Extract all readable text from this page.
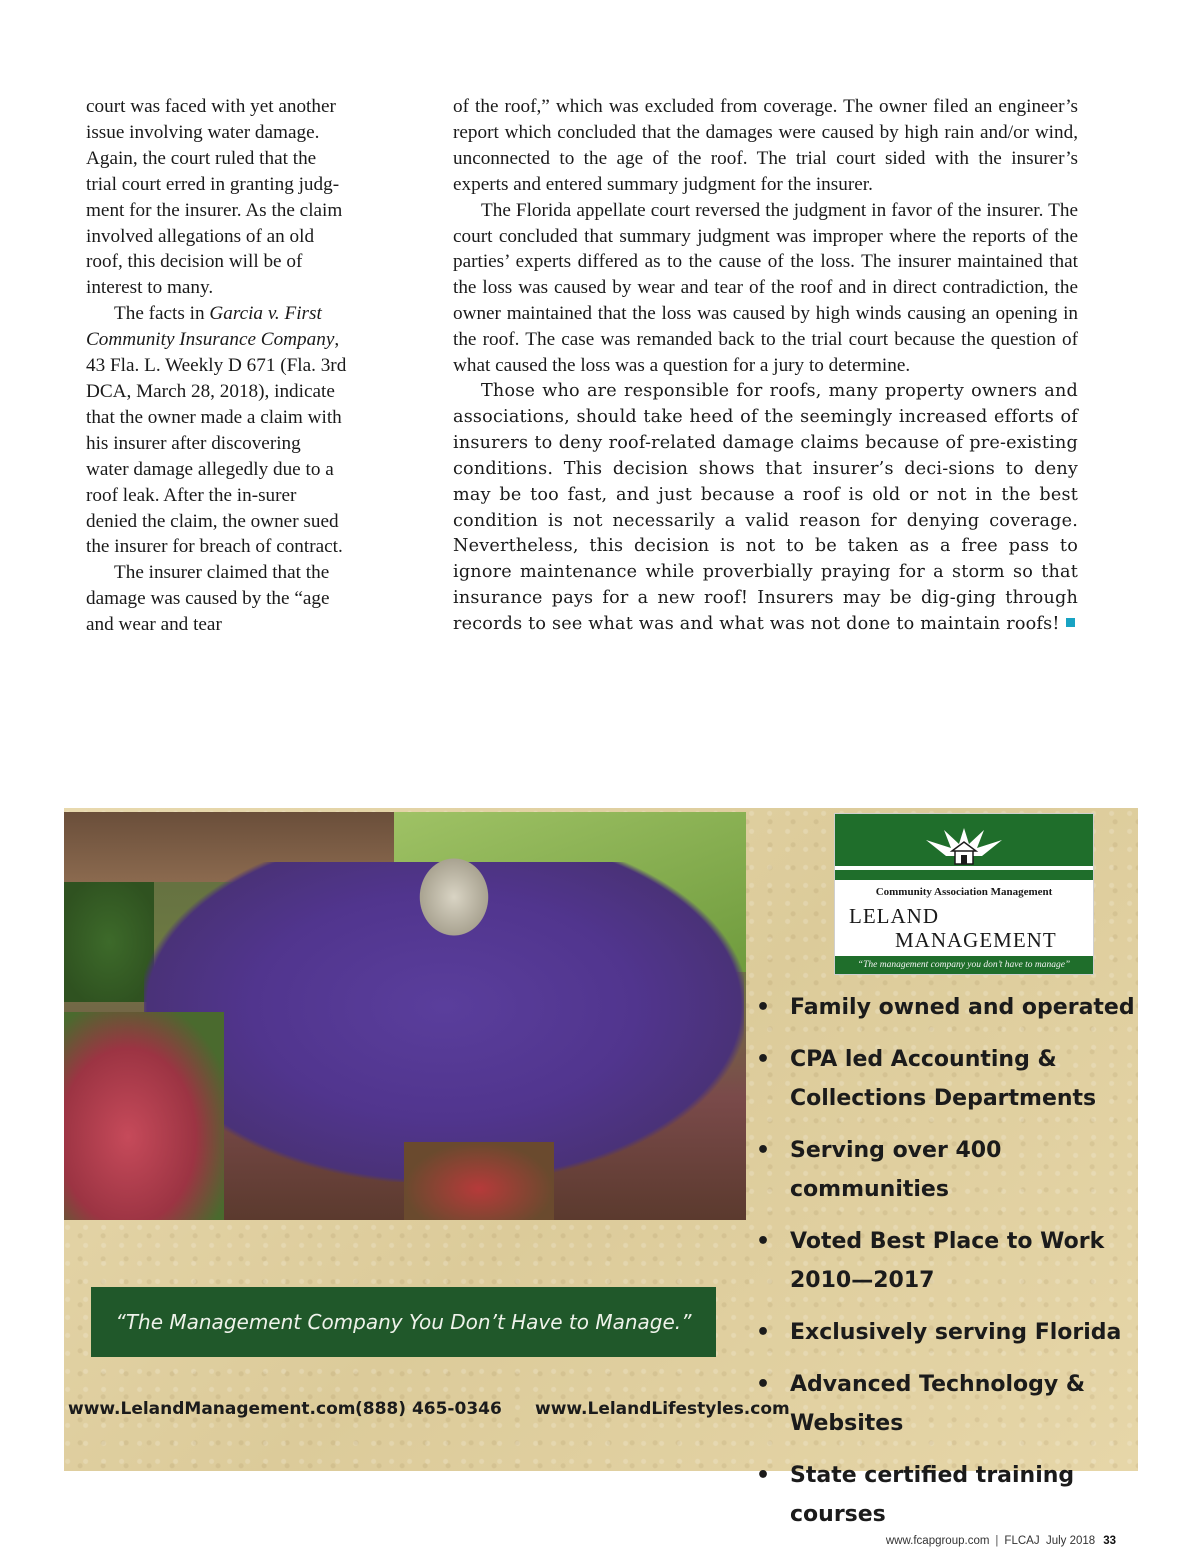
court was faced with yet another issue involving water damage. Again, the court ruled that the trial court erred in granting judg-ment for the insurer. As the claim involved allegations of an old roof, this decision will be of interest to many.

The facts in Garcia v. First Community Insurance Company, 43 Fla. L. Weekly D 671 (Fla. 3rd DCA, March 28, 2018), indicate that the owner made a claim with his insurer after discovering water damage allegedly due to a roof leak. After the in-surer denied the claim, the owner sued the insurer for breach of contract.

The insurer claimed that the damage was caused by the “age and wear and tear

of the roof,” which was excluded from coverage. The owner filed an engineer’s report which concluded that the damages were caused by high rain and/or wind, unconnected to the age of the roof. The trial court sided with the insurer’s experts and entered summary judgment for the insurer.

The Florida appellate court reversed the judgment in favor of the insurer. The court concluded that summary judgment was improper where the reports of the parties’ experts differed as to the cause of the loss. The insurer maintained that the loss was caused by wear and tear of the roof and in direct contradiction, the owner maintained that the loss was caused by high winds causing an opening in the roof. The case was remanded back to the trial court because the question of what caused the loss was a question for a jury to determine.

Those who are responsible for roofs, many property owners and associations, should take heed of the seemingly increased efforts of insurers to deny roof-related damage claims because of pre-existing conditions. This decision shows that insurer’s deci-sions to deny may be too fast, and just because a roof is old or not in the best condition is not necessarily a valid reason for denying coverage. Nevertheless, this decision is not to be taken as a free pass to ignore maintenance while proverbially praying for a storm so that insurance pays for a new roof! Insurers may be dig-ging through records to see what was and what was not done to maintain roofs!

Community Association Management
LELAND
MANAGEMENT
“The management company you don’t have to manage”
• Family owned and operated
• CPA led Accounting & Collections Departments
• Serving over 400 communities
• Voted Best Place to Work 2010—2017
• Exclusively serving Florida
• Advanced Technology & Websites
• State certified training courses
“The Management Company You Don’t Have to Manage.”
www.LelandManagement.com (888) 465-0346 www.LelandLifestyles.com
www.fcapgroup.com | FLCAJ July 2018 33
